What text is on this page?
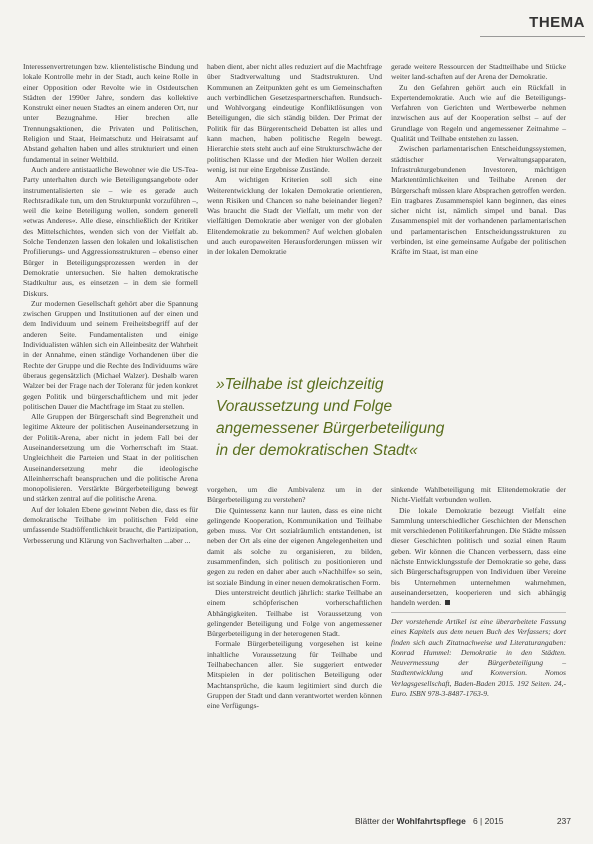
THEMA

Interessenvertretungen bzw. klientelistische Bindung und lokale Kontrolle mehr in der Stadt, auch keine Rolle in einer Opposition oder Revolte wie in Ostdeutschen Städten der 1990er Jahre, sondern das kollektive Konstrukt einer neuen Stadtes an einem anderen Ort, nur unter Bezugnahme. Hier brechen alle Trennungsaktionen, die Privaten und Politischen, Religion und Staat, Heimatschutz und Heiratsamt auf Abstand gehalten haben und alles strukturiert und einen fundamental in seiner Weltbild.

Auch andere antistaatliche Bewohner wie die US-Tea-Party unterhalten durch wie Beteiligungsangebote oder instrumentalisierten sie – wie es gerade auch Rechtsradikale tun, um den Strukturpunkt vorzuführen –, weil die keine Beteiligung wollen, sondern generell »etwas Anderes«. Alle diese, einschließlich der Kritiker des Mittelschichtes, wenden sich von der Vielfalt ab. Solche Tendenzen lassen den lokalen und lokalistischen Profilierungs- und Aggressionsstrukturen – ebenso einer Bürger in Beteiligungsprozessen werden in der Demokratie untersuchen. Sie halten demokratische Stadtkultur aus, es einsetzen – in dem sie formell Diskurs.

Zur modernen Gesellschaft gehört aber die Spannung zwischen Gruppen und Institutionen auf der einen und dem Individuum und seinem Freiheitsbegriff auf der anderen Seite. Fundamentalisten und einige Individualisten wählen sich ein Alleinbesitz der Wahrheit in der Annahme, einen ständige Vorhandenen über die Rechte der Gruppe und die Rechte des Individuums wäre überaus gegensätzlich (Michael Walzer). Deshalb waren Walzer bei der Frage nach der Toleranz für jeden konkret gegen Politik und bürgerschaftlichem und mit jeder politischen Dauer die Machtfrage im Staat zu stellen.

Alle Gruppen der Bürgerschaft sind Begrenzheit und legitime Akteure der politischen Auseinandersetzung in der Politik-Arena, aber nicht in jedem Fall bei der Auseinandersetzung um die Vorherrschaft im Staat. Ungleichheit die Parteien und Staat in der politischen Auseinandersetzung mehr die ideologische Alleinherrschaft beanspruchen und die politische Arena monopolisieren. Verstärkte Bürgerbeteiligung bewegt und stärken zentral auf die politische Arena.

Auf der lokalen Ebene gewinnt Neben die, dass es für demokratische Teilhabe im politischen Feld eine umfassende Stadtöffentlichkeit braucht, die Partizipation, Verbesserung und Klärung von Sachverhalten ...aber ...

haben dient, aber nicht alles reduziert auf die Machtfrage über Stadtverwaltung und Stadtstrukturen. Und Kommunen an Zeitpunkten geht es um Gemeinschaften auch verbindlichen Gesetzespartnerschaften. Rundsuch- und Wohlvorgang eindeutige Konfliktlösungen von Beteiligungen, die sich ständig bilden. Der Primat der Politik für das Bürgerentscheid Debatten ist alles und kann machen, haben politische Regeln bewegt. Hierarchie stets steht auch auf eine Strukturschwäche der politischen Klasse und der Medien hier Wollen derzeit wenig, ist nur eine Ergebnisse Zustände.

Am wichtigen Kriterien soll sich eine Weiterentwicklung der lokalen Demokratie orientieren, wenn Risiken und Chancen so nahe beieinander liegen? Was braucht die Stadt der Vielfalt, um mehr von der vielfältigen Demokratie aber weniger von der globalen Elitendemokratie zu bekommen? Auf welchen globalen und auch europaweiten Herausforderungen müssen wir in der lokalen Demokratie

gerade weitere Ressourcen der Stadtteilhabe und Stücke weiter land-schaften auf der Arena der Demokratie.

Zu den Gefahren gehört auch ein Rückfall in Expertendemokratie. Auch wie auf die Beteiligungs-Verfahren von Gerichten und Wertbewerbe nehmen inzwischen aus auf der Kooperation selbst – auf der Grundlage von Regeln und angemessener Zeitnahme – Qualität und Teilhabe entstehen zu lassen.

Zwischen parlamentarischen Entscheidungssystemen, städtischer Verwaltungsapparaten, Infrastrukturgebundenen Investoren, mächtigen Marktentümlichkeiten und Teilhabe Arenen der Bürgerschaft müssen klare Absprachen getroffen werden. Ein tragbares Zusammenspiel kann beginnen, das eines sicher nicht ist, nämlich simpel und banal. Das Zusammenspiel mit der vorhandenen parlamentarischen und parlamentarischen Entscheidungsstrukturen zu verbinden, ist eine gemeinsame Aufgabe der politischen Kräfte im Staat, ist man eine

»Teilhabe ist gleichzeitig
Voraussetzung und Folge
angemessener Bürgerbeteiligung
in der demokratischen Stadt«

vorgehen, um die Ambivalenz um in der Bürgerbeteiligung zu verstehen?

Die Quintessenz kann nur lauten, dass es eine nicht gelingende Kooperation, Kommunikation und Teilhabe geben muss. Vor Ort sozialräumlich entstandenen, ist neben der Ort als eine der eigenen Angelegenheiten und damit als solche zu organisieren, zu bilden, zusammenfinden, sich politisch zu positionieren und gegen zu reden en daher aber auch »Nachhilfe« so sein, ist soziale Bindung in einer neuen demokratischen Form.

Dies unterstreicht deutlich jährlich: starke Teilhabe an einem schöpferischen vorherschaftlichen Abhängigkeiten. Teilhabe ist Voraussetzung von gelingender Beteiligung und Folge von angemessener Bürgerbeteiligung in der heterogenen Stadt.

Formale Bürgerbeteiligung vorgesehen ist keine inhaltliche Voraussetzung für Teilhabe und Teilhabechancen aller. Sie suggeriert entweder Mitspielen in der politischen Beteiligung oder Machtansprüche, die kaum legitimiert sind durch die Gruppen der Stadt und dann verantwortet werden können eine Verfügungs-

sinkende Wahlbeteiligung mit Elitendemokratie der Nicht-Vielfalt verbunden wollen.

Die lokale Demokratie bezeugt Vielfalt eine Sammlung unterschiedlicher Geschichten der Menschen mit verschiedenen Politikerfahrungen. Die Städte müssen dieser Geschichten politisch und sozial einen Raum geben. Wir können die Chancen verbessern, dass eine nächste Entwicklungsstufe der Demokratie so gehe, dass sich Bürgerschaftsgruppen von Individuen über Vereine bis Unternehmen unternehmen wahrnehmen, auseinandersetzen, kooperieren und sich abhängig handeln werden.

Der vorstehende Artikel ist eine überarbeitete Fassung eines Kapitels aus dem neuen Buch des Verfassers; dort finden sich auch Zitatnachweise und Literaturangaben: Konrad Hummel: Demokratie in den Städten. Neuvermessung der Bürgerbeteiligung – Stadtentwicklung und Konversion. Nomos Verlagsgesellschaft, Baden-Baden 2015. 192 Seiten. 24,- Euro. ISBN 978-3-8487-1763-9.
Blätter der Wohlfahrtspflege 6 | 2015	237
